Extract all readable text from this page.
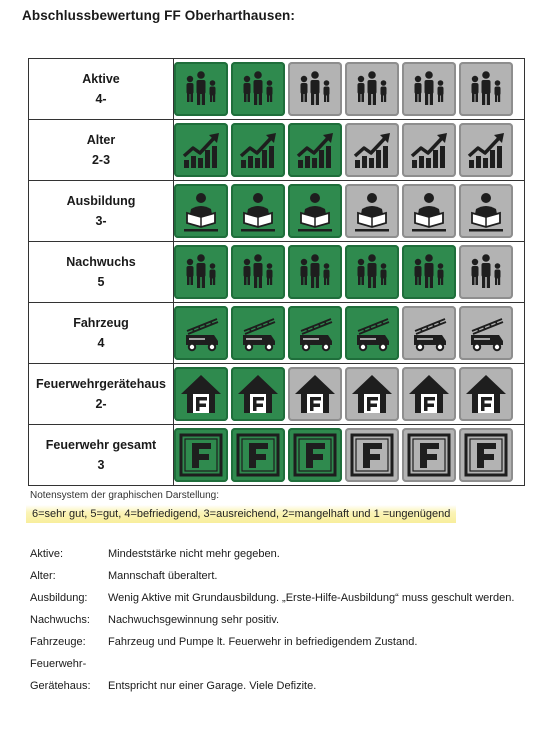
Abschlussbewertung FF Oberharthausen:
Aktive
4-

Alter
2-3

Ausbildung
3-

Nachwuchs
5

Fahrzeug
4

Feuerwehrgerätehaus
2-

Feuerwehr gesamt
3

Notensystem der graphischen Darstellung:
6=sehr gut, 5=gut, 4=befriedigend, 3=ausreichend, 2=mangelhaft und 1 =ungenügend
Aktive:	Mindeststärke nicht mehr gegeben.
Alter:	Mannschaft überaltert.
Ausbildung:	Wenig Aktive mit Grundausbildung. „Erste-Hilfe-Ausbildung“ muss geschult werden.
Nachwuchs:	Nachwuchsgewinnung sehr positiv.
Fahrzeuge:	Fahrzeug und Pumpe lt. Feuerwehr in befriedigendem Zustand.
Feuerwehr-
Gerätehaus:	Entspricht nur einer Garage. Viele Defizite.
